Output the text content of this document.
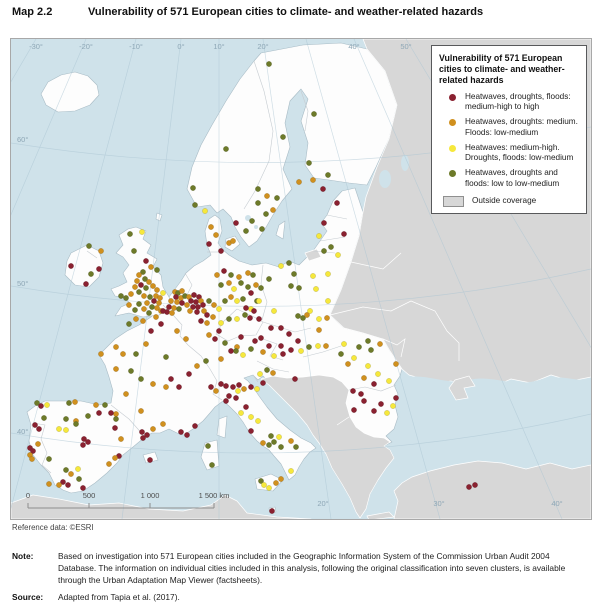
Map 2.2	Vulnerability of 571 European cities to climate- and weather-related hazards
-30°	-20°	-10°	0°	10°	20°	40°	50°
60°
50°
40°
20°	30°	40°
0	500	1 000	1 500 km
Vulnerability of 571 European cities to climate- and weather-related hazards
Heatwaves, droughts, floods: medium-high to high
Heatwaves, droughts: medium. Floods: low-medium
Heatwaves: medium-high. Droughts, floods: low-medium
Heatwaves, droughts and floods: low to low-medium
Outside coverage
Reference data: ©ESRI
Note:	Based on investigation into 571 European cities included in the Geographic Information System of the Commission Urban Audit 2004 Database. The information on individual cities included in this analysis, following the original classification into seven clusters, is available through the Urban Adaptation Map Viewer (factsheets).
Source:	Adapted from Tapia et al. (2017).
